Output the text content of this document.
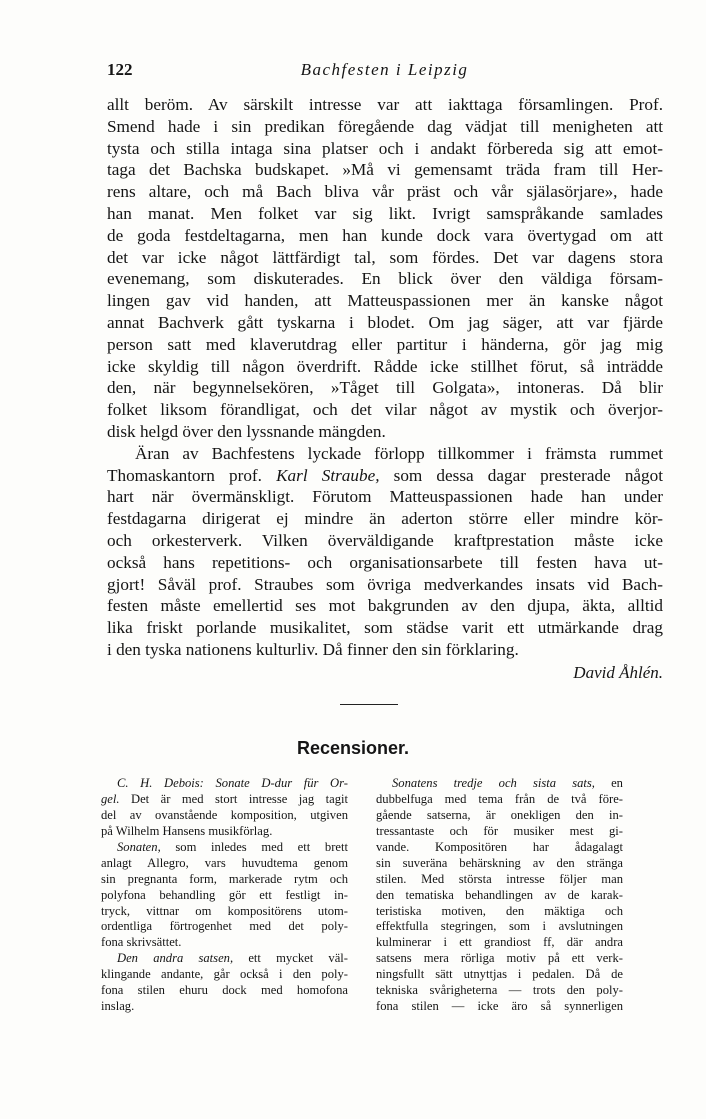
122	Bachfesten i Leipzig
allt beröm. Av särskilt intresse var att iakttaga församlingen. Prof.
Smend hade i sin predikan föregående dag vädjat till menigheten att
tysta och stilla intaga sina platser och i andakt förbereda sig att emot-
taga det Bachska budskapet. »Må vi gemensamt träda fram till Her-
rens altare, och må Bach bliva vår präst och vår själasörjare», hade
han manat. Men folket var sig likt. Ivrigt samspråkande samlades
de goda festdeltagarna, men han kunde dock vara övertygad om att
det var icke något lättfärdigt tal, som fördes. Det var dagens stora
evenemang, som diskuterades. En blick över den väldiga försam-
lingen gav vid handen, att Matteuspassionen mer än kanske något
annat Bachverk gått tyskarna i blodet. Om jag säger, att var fjärde
person satt med klaverutdrag eller partitur i händerna, gör jag mig
icke skyldig till någon överdrift. Rådde icke stillhet förut, så inträdde
den, när begynnelsekören, »Tåget till Golgata», intoneras. Då blir
folket liksom förandligat, och det vilar något av mystik och överjor-
disk helgd över den lyssnande mängden.
Äran av Bachfestens lyckade förlopp tillkommer i främsta rummet
Thomaskantorn prof. Karl Straube, som dessa dagar presterade något
hart när övermänskligt. Förutom Matteuspassionen hade han under
festdagarna dirigerat ej mindre än aderton större eller mindre kör-
och orkesterverk. Vilken överväldigande kraftprestation måste icke
också hans repetitions- och organisationsarbete till festen hava ut-
gjort! Såväl prof. Straubes som övriga medverkandes insats vid Bach-
festen måste emellertid ses mot bakgrunden av den djupa, äkta, alltid
lika friskt porlande musikalitet, som städse varit ett utmärkande drag
i den tyska nationens kulturliv. Då finner den sin förklaring.
David Åhlén.
Recensioner.
C. H. Debois: Sonate D-dur für Or-
gel. Det är med stort intresse jag tagit
del av ovanstående komposition, utgiven
på Wilhelm Hansens musikförlag.
Sonaten, som inledes med ett brett
anlagt Allegro, vars huvudtema genom
sin pregnanta form, markerade rytm och
polyfona behandling gör ett festligt in-
tryck, vittnar om kompositörens utom-
ordentliga förtrogenhet med det poly-
fona skrivsättet.
Den andra satsen, ett mycket väl-
klingande andante, går också i den poly-
fona stilen ehuru dock med homofona
inslag.
Sonatens tredje och sista sats, en
dubbelfuga med tema från de två före-
gående satserna, är onekligen den in-
tressantaste och för musiker mest gi-
vande. Kompositören har ådagalagt
sin suveräna behärskning av den stränga
stilen. Med största intresse följer man
den tematiska behandlingen av de karak-
teristiska motiven, den mäktiga och
effektfulla stegringen, som i avslutningen
kulminerar i ett grandiost ff, där andra
satsens mera rörliga motiv på ett verk-
ningsfullt sätt utnyttjas i pedalen. Då de
tekniska svårigheterna — trots den poly-
fona stilen — icke äro så synnerligen
